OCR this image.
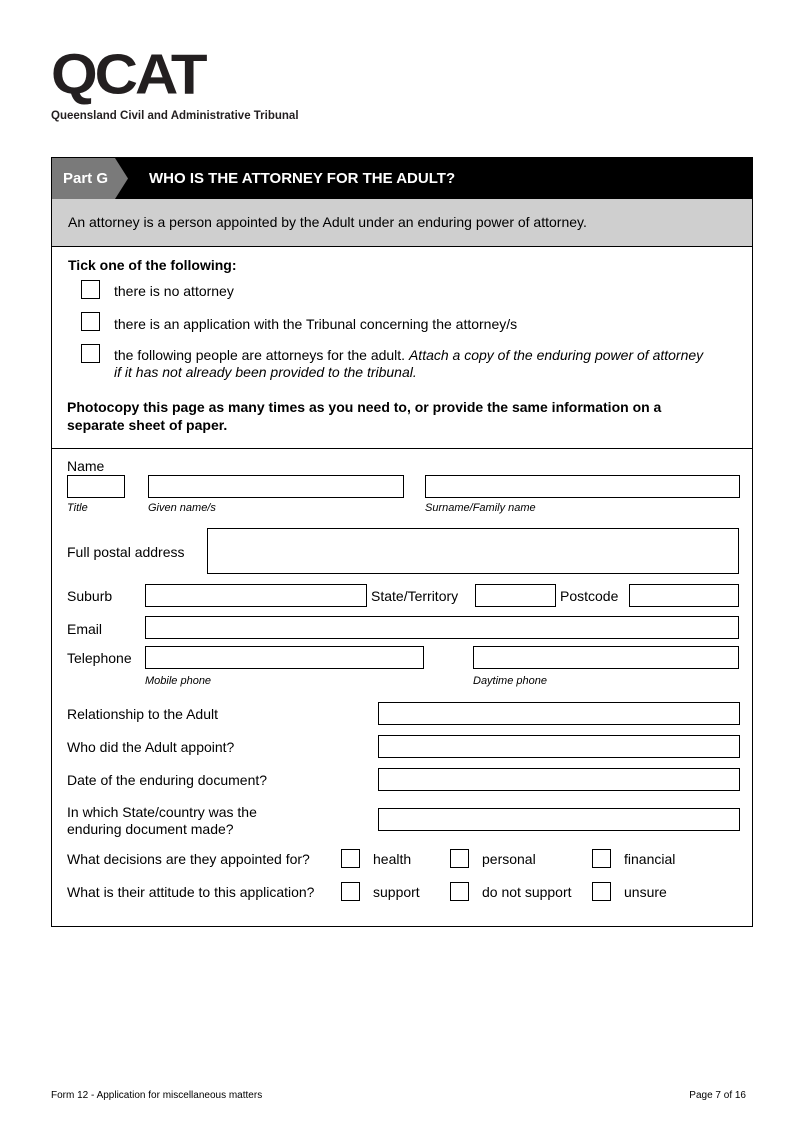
QCAT
Queensland Civil and Administrative Tribunal
Part G	WHO IS THE ATTORNEY FOR THE ADULT?
An attorney is a person appointed by the Adult under an enduring power of attorney.
Tick one of the following:
there is no attorney
there is an application with the Tribunal concerning the attorney/s
the following people are attorneys for the adult. Attach a copy of the enduring power of attorney
if it has not already been provided to the tribunal.
Photocopy this page as many times as you need to, or provide the same information on a
separate sheet of paper.
Name
Title	Given name/s	Surname/Family name
Full postal address
Suburb	State/Territory	Postcode
Email
Telephone
Mobile phone	Daytime phone
Relationship to the Adult
Who did the Adult appoint?
Date of the enduring document?
In which State/country was the
enduring document made?
What decisions are they appointed for?	health	personal	financial
What is their attitude to this application?	support	do not support	unsure
Form 12 - Application for miscellaneous matters	Page 7 of 16
